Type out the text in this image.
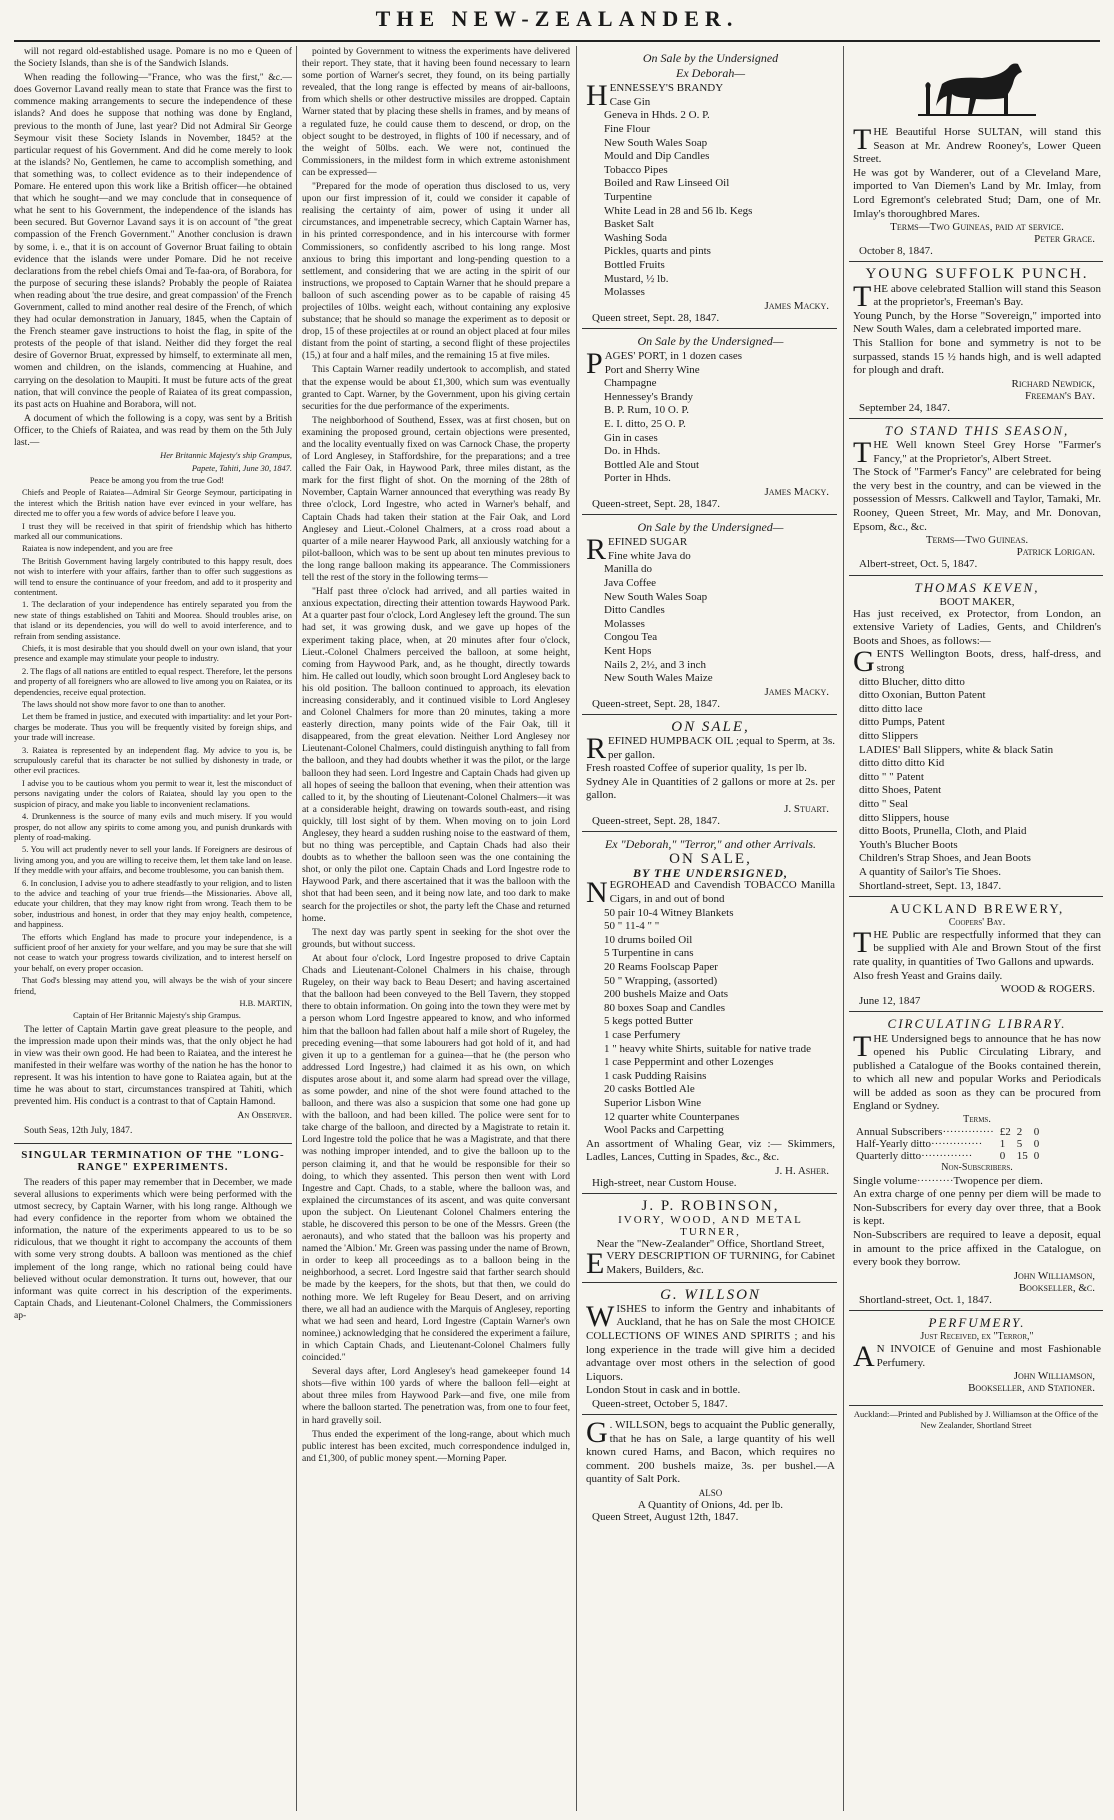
THE NEW-ZEALANDER.

will not regard old-established usage. Pomare is no mo e Queen of the Society Islands, than she is of the Sandwich Islands.

When reading the following—"France, who was the first," &c.—does Governor Lavand really mean to state that France was the first to commence making arrangements to secure the independence of these islands? And does he suppose that nothing was done by England, previous to the month of June, last year? Did not Admiral Sir George Seymour visit these Society Islands in November, 1845? at the particular request of his Government. And did he come merely to look at the islands? No, Gentlemen, he came to accomplish something, and that something was, to collect evidence as to their independence of Pomare. He entered upon this work like a British officer—he obtained that which he sought—and we may conclude that in consequence of what he sent to his Government, the independence of the islands has been secured. But Governor Lavand says it is on account of "the great compassion of the French Government." Another conclusion is drawn by some, i. e., that it is on account of Governor Bruat failing to obtain evidence that the islands were under Pomare. Did he not receive declarations from the rebel chiefs Omai and Te-faa-ora, of Borabora, for the purpose of securing these islands? Probably the people of Raiatea when reading about 'the true desire, and great compassion' of the French Government, called to mind another real desire of the French, of which they had ocular demonstration in January, 1845, when the Captain of the French steamer gave instructions to hoist the flag, in spite of the protests of the people of that island. Neither did they forget the real desire of Governor Bruat, expressed by himself, to exterminate all men, women and children, on the islands, commencing at Huahine, and carrying on the desolation to Maupiti. It must be future acts of the great nation, that will convince the people of Raiatea of its great compassion, its past acts on Huahine and Borabora, will not.

A document of which the following is a copy, was sent by a British Officer, to the Chiefs of Raiatea, and was read by them on the 5th July last.—

Her Britannic Majesty's ship Grampus,

Papete, Tahiti, June 30, 1847.

Peace be among you from the true God!

Chiefs and People of Raiatea—Admiral Sir George Seymour, participating in the interest which the British nation have ever evinced in your welfare, has directed me to offer you a few words of advice before I leave you.

I trust they will be received in that spirit of friendship which has hitherto marked all our communications.

Raiatea is now independent, and you are free

The British Government having largely contributed to this happy result, does not wish to interfere with your affairs, farther than to offer such suggestions as will tend to ensure the continuance of your freedom, and add to it prosperity and contentment.

1. The declaration of your independence has entirely separated you from the new state of things established on Tahiti and Moorea. Should troubles arise, on that island or its dependencies, you will do well to avoid interference, and to refrain from sending assistance.

Chiefs, it is most desirable that you should dwell on your own island, that your presence and example may stimulate your people to industry.

2. The flags of all nations are entitled to equal respect. Therefore, let the persons and property of all foreigners who are allowed to live among you on Raiatea, or its dependencies, receive equal protection.

The laws should not show more favor to one than to another.

Let them be framed in justice, and executed with impartiality: and let your Port-charges be moderate. Thus you will be frequently visited by foreign ships, and your trade will increase.

3. Raiatea is represented by an independent flag. My advice to you is, be scrupulously careful that its character be not sullied by dishonesty in trade, or other evil practices.

I advise you to be cautious whom you permit to wear it, lest the misconduct of persons navigating under the colors of Raiatea, should lay you open to the suspicion of piracy, and make you liable to inconvenient reclamations.

4. Drunkenness is the source of many evils and much misery. If you would prosper, do not allow any spirits to come among you, and punish drunkards with plenty of road-making.

5. You will act prudently never to sell your lands. If Foreigners are desirous of living among you, and you are willing to receive them, let them take land on lease. If they meddle with your affairs, and become troublesome, you can banish them.

6. In conclusion, I advise you to adhere steadfastly to your religion, and to listen to the advice and teaching of your true friends—the Missionaries. Above all, educate your children, that they may know right from wrong. Teach them to be sober, industrious and honest, in order that they may enjoy health, competence, and happiness.

The efforts which England has made to procure your independence, is a sufficient proof of her anxiety for your welfare, and you may be sure that she will not cease to watch your progress towards civilization, and to interest herself on your behalf, on every proper occasion.

That God's blessing may attend you, will always be the wish of your sincere friend,

H.B. MARTIN,

Captain of Her Britannic Majesty's ship Grampus.

The letter of Captain Martin gave great pleasure to the people, and the impression made upon their minds was, that the only object he had in view was their own good. He had been to Raiatea, and the interest he manifested in their welfare was worthy of the nation he has the honor to represent. It was his intention to have gone to Raiatea again, but at the time he was about to start, circumstances transpired at Tahiti, which prevented him. His conduct is a contrast to that of Captain Hamond.

An Observer.

South Seas, 12th July, 1847.

SINGULAR TERMINATION OF THE "LONG-RANGE" EXPERIMENTS.

The readers of this paper may remember that in December, we made several allusions to experiments which were being performed with the utmost secrecy, by Captain Warner, with his long range. Although we had every confidence in the reporter from whom we obtained the information, the nature of the experiments appeared to us to be so ridiculous, that we thought it right to accompany the accounts of them with some very strong doubts. A balloon was mentioned as the chief implement of the long range, which no rational being could have believed without ocular demonstration. It turns out, however, that our informant was quite correct in his description of the experiments. Captain Chads, and Lieutenant-Colonel Chalmers, the Commissioners ap-

pointed by Government to witness the experiments have delivered their report. They state, that it having been found necessary to learn some portion of Warner's secret, they found, on its being partially revealed, that the long range is effected by means of air-balloons, from which shells or other destructive missiles are dropped. Captain Warner stated that by placing these shells in frames, and by means of a regulated fuze, he could cause them to descend, or drop, on the object sought to be destroyed, in flights of 100 if necessary, and of the weight of 50lbs. each. We were not, continued the Commissioners, in the mildest form in which extreme astonishment can be expressed—

"Prepared for the mode of operation thus disclosed to us, very upon our first impression of it, could we consider it capable of realising the certainty of aim, power of using it under all circumstances, and impenetrable secrecy, which Captain Warner has, in his printed correspondence, and in his intercourse with former Commissioners, so confidently ascribed to his long range. Most anxious to bring this important and long-pending question to a settlement, and considering that we are acting in the spirit of our instructions, we proposed to Captain Warner that he should prepare a balloon of such ascending power as to be capable of raising 45 projectiles of 10lbs. weight each, without containing any explosive substance; that he should so manage the experiment as to deposit or drop, 15 of these projectiles at or round an object placed at four miles distant from the point of starting, a second flight of these projectiles (15,) at four and a half miles, and the remaining 15 at five miles.

This Captain Warner readily undertook to accomplish, and stated that the expense would be about £1,300, which sum was eventually granted to Capt. Warner, by the Government, upon his giving certain securities for the due performance of the experiments.

The neighborhood of Southend, Essex, was at first chosen, but on examining the proposed ground, certain objections were presented, and the locality eventually fixed on was Carnock Chase, the property of Lord Anglesey, in Staffordshire, for the preparations; and a tree called the Fair Oak, in Haywood Park, three miles distant, as the mark for the first flight of shot. On the morning of the 28th of November, Captain Warner announced that everything was ready By three o'clock, Lord Ingestre, who acted in Warner's behalf, and Captain Chads had taken their station at the Fair Oak, and Lord Anglesey and Lieut.-Colonel Chalmers, at a cross road about a quarter of a mile nearer Haywood Park, all anxiously watching for a pilot-balloon, which was to be sent up about ten minutes previous to the long range balloon making its appearance. The Commissioners tell the rest of the story in the following terms—

"Half past three o'clock had arrived, and all parties waited in anxious expectation, directing their attention towards Haywood Park. At a quarter past four o'clock, Lord Anglesey left the ground. The sun had set, it was growing dusk, and we gave up hopes of the experiment taking place, when, at 20 minutes after four o'clock, Lieut.-Colonel Chalmers perceived the balloon, at some height, coming from Haywood Park, and, as he thought, directly towards him. He called out loudly, which soon brought Lord Anglesey back to his old position. The balloon continued to approach, its elevation increasing considerably, and it continued visible to Lord Anglesey and Colonel Chalmers for more than 20 minutes, taking a more easterly direction, many points wide of the Fair Oak, till it disappeared, from the great elevation. Neither Lord Anglesey nor Lieutenant-Colonel Chalmers, could distinguish anything to fall from the balloon, and they had doubts whether it was the pilot, or the large balloon they had seen. Lord Ingestre and Captain Chads had given up all hopes of seeing the balloon that evening, when their attention was called to it, by the shouting of Lieutenant-Colonel Chalmers—it was at a considerable height, drawing on towards south-east, and rising quickly, till lost sight of by them. When moving on to join Lord Anglesey, they heard a sudden rushing noise to the eastward of them, but no thing was perceptible, and Captain Chads had also their doubts as to whether the balloon seen was the one containing the shot, or only the pilot one. Captain Chads and Lord Ingestre rode to Haywood Park, and there ascertained that it was the balloon with the shot that had been seen, and it being now late, and too dark to make search for the projectiles or shot, the party left the Chase and returned home.

The next day was partly spent in seeking for the shot over the grounds, but without success.

At about four o'clock, Lord Ingestre proposed to drive Captain Chads and Lieutenant-Colonel Chalmers in his chaise, through Rugeley, on their way back to Beau Desert; and having ascertained that the balloon had been conveyed to the Bell Tavern, they stopped there to obtain information. On going into the town they were met by a person whom Lord Ingestre appeared to know, and who informed him that the balloon had fallen about half a mile short of Rugeley, the preceding evening—that some labourers had got hold of it, and had given it up to a gentleman for a guinea—that he (the person who addressed Lord Ingestre,) had claimed it as his own, on which disputes arose about it, and some alarm had spread over the village, as some powder, and nine of the shot were found attached to the balloon, and there was also a suspicion that some one had gone up with the balloon, and had been killed. The police were sent for to take charge of the balloon, and directed by a Magistrate to retain it. Lord Ingestre told the police that he was a Magistrate, and that there was nothing improper intended, and to give the balloon up to the person claiming it, and that he would be responsible for their so doing, to which they assented. This person then went with Lord Ingestre and Capt. Chads, to a stable, where the balloon was, and explained the circumstances of its ascent, and was quite conversant upon the subject. On Lieutenant Colonel Chalmers entering the stable, he discovered this person to be one of the Messrs. Green (the aeronauts), and who stated that the balloon was his property and named the 'Albion.' Mr. Green was passing under the name of Brown, in order to keep all proceedings as to a balloon being in the neighborhood, a secret. Lord Ingestre said that farther search should be made by the keepers, for the shots, but that then, we could do nothing more. We left Rugeley for Beau Desert, and on arriving there, we all had an audience with the Marquis of Anglesey, reporting what we had seen and heard, Lord Ingestre (Captain Warner's own nominee,) acknowledging that he considered the experiment a failure, in which Captain Chads, and Lieutenant-Colonel Chalmers fully coincided."

Several days after, Lord Anglesey's head gamekeeper found 14 shots—five within 100 yards of where the balloon fell—eight at about three miles from Haywood Park—and five, one mile from where the balloon started. The penetration was, from one to four feet, in hard gravelly soil.

Thus ended the experiment of the long-range, about which much public interest has been excited, much correspondence indulged in, and £1,300, of public money spent.—Morning Paper.

On Sale by the Undersigned
Ex Deborah—
HENNESSEY'S BRANDY
Case Gin
Geneva in Hhds. 2 O. P.
Fine Flour
New South Wales Soap
Mould and Dip Candles
Tobacco Pipes
Boiled and Raw Linseed Oil
Turpentine
White Lead in 28 and 56 lb. Kegs
Basket Salt
Washing Soda
Pickles, quarts and pints
Bottled Fruits
Mustard, ½ lb.
Molasses
James Macky.
Queen street, Sept. 28, 1847.
On Sale by the Undersigned—
PAGES' PORT, in 1 dozen cases
Port and Sherry Wine
Champagne
Hennessey's Brandy
B. P. Rum, 10 O. P.
E. I. ditto, 25 O. P.
Gin in cases
Do. in Hhds.
Bottled Ale and Stout
Porter in Hhds.
James Macky.
Queen-street, Sept. 28, 1847.
On Sale by the Undersigned—
REFINED SUGAR
Fine white Java do
Manilla do
Java Coffee
New South Wales Soap
Ditto Candles
Molasses
Congou Tea
Kent Hops
Nails 2, 2½, and 3 inch
New South Wales Maize
James Macky.
Queen-street, Sept. 28, 1847.
ON SALE,
REFINED HUMPBACK OIL ;equal to Sperm, at 3s. per gallon.
Fresh roasted Coffee of superior quality, 1s per lb.
Sydney Ale in Quantities of 2 gallons or more at 2s. per gallon.
J. Stuart.
Queen-street, Sept. 28, 1847.
Ex "Deborah," "Terror," and other Arrivals.
ON SALE,
BY THE UNDERSIGNED,
NEGROHEAD and Cavendish TOBACCO Manilla Cigars, in and out of bond
50 pair 10-4 Witney Blankets
50 " 11-4 " "
10 drums boiled Oil
5 Turpentine in cans
20 Reams Foolscap Paper
50 " Wrapping, (assorted)
200 bushels Maize and Oats
80 boxes Soap and Candles
5 kegs potted Butter
1 case Perfumery
1 " heavy white Shirts, suitable for native trade
1 case Peppermint and other Lozenges
1 cask Pudding Raisins
20 casks Bottled Ale
Superior Lisbon Wine
12 quarter white Counterpanes
Wool Packs and Carpetting
An assortment of Whaling Gear, viz :— Skimmers, Ladles, Lances, Cutting in Spades, &c., &c.
J. H. Asher.
High-street, near Custom House.
J. P. ROBINSON,
IVORY, WOOD, AND METAL TURNER,
Near the "New-Zealander" Office, Shortland Street,
EVERY DESCRIPTION OF TURNING, for Cabinet Makers, Builders, &c.
G. WILLSON
WISHES to inform the Gentry and inhabitants of Auckland, that he has on Sale the most CHOICE COLLECTIONS OF WINES AND SPIRITS ; and his long experience in the trade will give him a decided advantage over most others in the selection of good Liquors.
London Stout in cask and in bottle.
Queen-street, October 5, 1847.
G . WILLSON, begs to acquaint the Public generally, that he has on Sale, a large quantity of his well known cured Hams, and Bacon, which requires no comment. 200 bushels maize, 3s. per bushel.—A quantity of Salt Pork.
ALSO
A Quantity of Onions, 4d. per lb.
Queen Street, August 12th, 1847.
THE Beautiful Horse SULTAN, will stand this Season at Mr. Andrew Rooney's, Lower Queen Street.
He was got by Wanderer, out of a Cleveland Mare, imported to Van Diemen's Land by Mr. Imlay, from Lord Egremont's celebrated Stud; Dam, one of Mr. Imlay's thoroughbred Mares.
Terms—Two Guineas, paid at service.
Peter Grace.
October 8, 1847.
YOUNG SUFFOLK PUNCH.
THE above celebrated Stallion will stand this Season at the proprietor's, Freeman's Bay.
Young Punch, by the Horse "Sovereign," imported into New South Wales, dam a celebrated imported mare.
This Stallion for bone and symmetry is not to be surpassed, stands 15 ½ hands high, and is well adapted for plough and draft.
Richard Newdick,
Freeman's Bay.
September 24, 1847.
TO STAND THIS SEASON,
THE Well known Steel Grey Horse "Farmer's Fancy," at the Proprietor's, Albert Street.
The Stock of "Farmer's Fancy" are celebrated for being the very best in the country, and can be viewed in the possession of Messrs. Calkwell and Taylor, Tamaki, Mr. Rooney, Queen Street, Mr. May, and Mr. Donovan, Epsom, &c., &c.
Terms—Two Guineas.
Patrick Lorigan.
Albert-street, Oct. 5, 1847.
THOMAS KEVEN,
BOOT MAKER,
Has just received, ex Protector, from London, an extensive Variety of Ladies, Gents, and Children's Boots and Shoes, as follows:—
GENTS Wellington Boots, dress, half-dress, and strong
ditto Blucher, ditto ditto
ditto Oxonian, Button Patent
ditto ditto lace
ditto Pumps, Patent
ditto Slippers
LADIES' Ball Slippers, white & black Satin
ditto ditto ditto Kid
ditto " " Patent
ditto Shoes, Patent
ditto " Seal
ditto Slippers, house
ditto Boots, Prunella, Cloth, and Plaid
Youth's Blucher Boots
Children's Strap Shoes, and Jean Boots
A quantity of Sailor's Tie Shoes.
Shortland-street, Sept. 13, 1847.
AUCKLAND BREWERY,
Coopers' Bay.
THE Public are respectfully informed that they can be supplied with Ale and Brown Stout of the first rate quality, in quantities of Two Gallons and upwards.
Also fresh Yeast and Grains daily.
WOOD & ROGERS.
June 12, 1847
CIRCULATING LIBRARY.
THE Undersigned begs to announce that he has now opened his Public Circulating Library, and published a Catalogue of the Books contained therein, to which all new and popular Works and Periodicals will be added as soon as they can be procured from England or Sydney.
Terms.
Annual Subscribers··············	£2	2	0
Half-Yearly ditto··············	1	5	0
Quarterly ditto··············	0	15	0
Non-Subscribers.
Single volume··········Twopence per diem.
An extra charge of one penny per diem will be made to Non-Subscribers for every day over three, that a Book is kept.
Non-Subscribers are required to leave a deposit, equal in amount to the price affixed in the Catalogue, on every book they borrow.
John Williamson,
Bookseller, &c.
Shortland-street, Oct. 1, 1847.
PERFUMERY.
Just Received, ex "Terror,"
A N INVOICE of Genuine and most Fashionable Perfumery.
John Williamson,
Bookseller, and Stationer.
Auckland:—Printed and Published by J. Williamson at the Office of the New Zealander, Shortland Street
